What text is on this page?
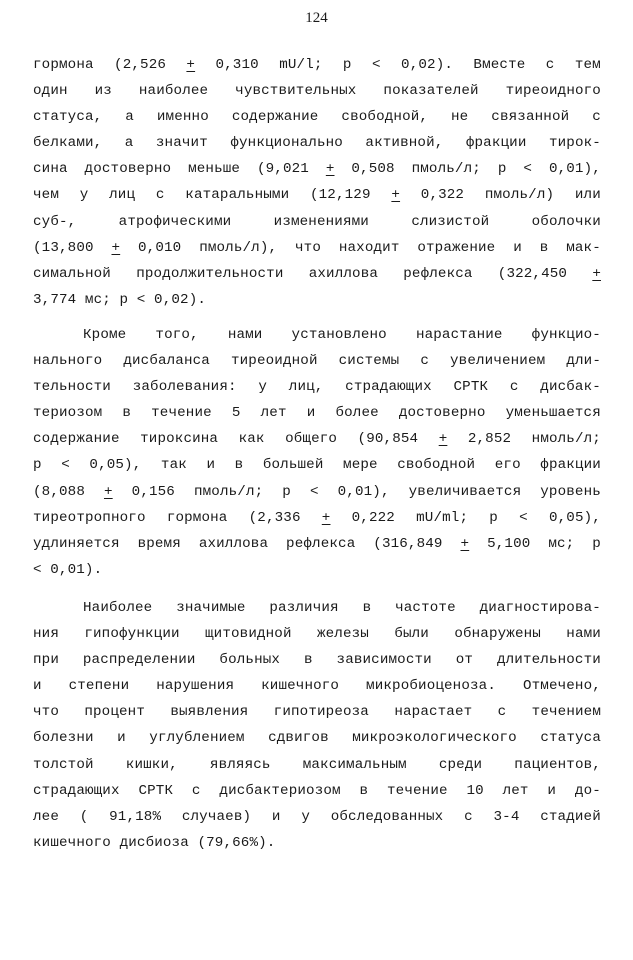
124
гормона (2,526 + 0,310 mU/l; p < 0,02). Вместе с тем
один из наиболее чувствительных показателей тиреоидного
статуса, а именно содержание свободной, не связанной с
белками, а значит функционально активной, фракции тирок-
сина достоверно меньше (9,021 + 0,508 пмоль/л; p < 0,01),
чем у лиц с катаральными (12,129 + 0,322 пмоль/л) или
суб-,	атрофическими	изменениями	слизистой	оболочки
(13,800 + 0,010 пмоль/л), что находит отражение и в мак-
симальной продолжительности ахиллова рефлекса (322,450 +
3,774 мс; p < 0,02).
Кроме того, нами установлено нарастание функцио-
нального дисбаланса тиреоидной системы с увеличением дли-
тельности заболевания: у лиц, страдающих СРТК с дисбак-
териозом в течение 5 лет и более достоверно уменьшается
содержание тироксина как общего (90,854 + 2,852 нмоль/л;
p < 0,05), так и в большей мере свободной его фракции
(8,088 + 0,156 пмоль/л; p < 0,01), увеличивается уровень
тиреотропного гормона (2,336 + 0,222 mU/ml; p < 0,05),
удлиняется время ахиллова рефлекса (316,849 + 5,100 мс; p
< 0,01).
Наиболее значимые различия в частоте диагностирова-
ния гипофункции щитовидной железы были обнаружены нами
при распределении больных в зависимости от длительности
и степени нарушения кишечного микробиоценоза. Отмечено,
что процент выявления гипотиреоза нарастает с течением
болезни и углублением сдвигов микроэкологического статуса
толстой кишки, являясь максимальным среди пациентов,
страдающих СРТК с дисбактериозом в течение 10 лет и до-
лее ( 91,18% случаев) и у обследованных с 3-4 стадией
кишечного дисбиоза (79,66%).
